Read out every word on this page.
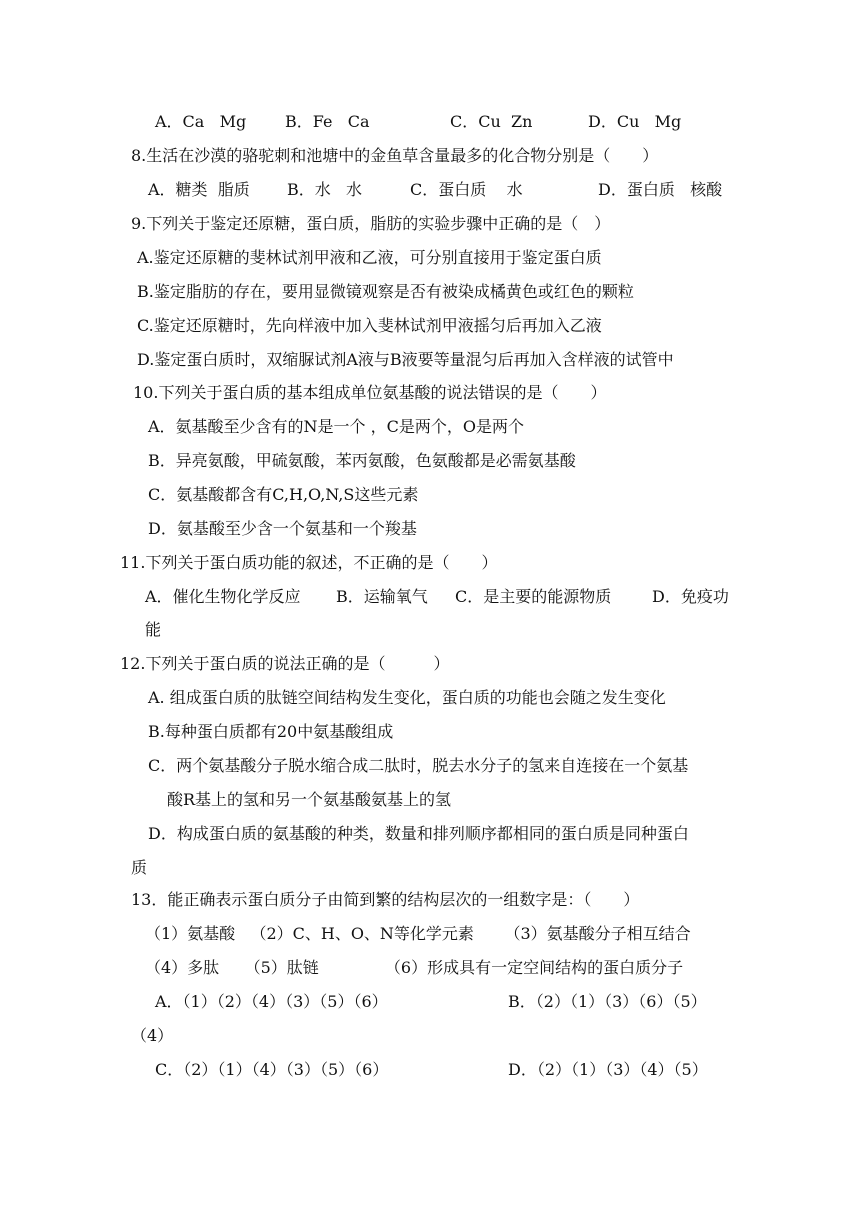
A．Ca   Mg B．Fe   Ca	C．Cu  Zn	D．Cu   Mg
8.生活在沙漠的骆驼刺和池塘中的金鱼草含量最多的化合物分别是（　　）
A．糖类  脂质 B．水   水	C．蛋白质    水	D．蛋白质   核酸
9.下列关于鉴定还原糖，蛋白质，脂肪的实验步骤中正确的是（　）
A.鉴定还原糖的斐林试剂甲液和乙液，可分别直接用于鉴定蛋白质
B.鉴定脂肪的存在，要用显微镜观察是否有被染成橘黄色或红色的颗粒
C.鉴定还原糖时，先向样液中加入斐林试剂甲液摇匀后再加入乙液
D.鉴定蛋白质时，双缩脲试剂A液与B液要等量混匀后再加入含样液的试管中
10.下列关于蛋白质的基本组成单位氨基酸的说法错误的是（　　）
A．氨基酸至少含有的N是一个 ，C是两个，O是两个
B．异亮氨酸，甲硫氨酸，苯丙氨酸，色氨酸都是必需氨基酸
C．氨基酸都含有C,H,O,N,S这些元素
D．氨基酸至少含一个氨基和一个羧基
11.下列关于蛋白质功能的叙述，不正确的是（　　）
A．催化生物化学反应 B．运输氧气 C．是主要的能源物质	D．免疫功
能
12.下列关于蛋白质的说法正确的是（　　　）
A. 组成蛋白质的肽链空间结构发生变化，蛋白质的功能也会随之发生变化
B.每种蛋白质都有20中氨基酸组成
C．两个氨基酸分子脱水缩合成二肽时，脱去水分子的氢来自连接在一个氨基
酸R基上的氢和另一个氨基酸氨基上的氢
D．构成蛋白质的氨基酸的种类，数量和排列顺序都相同的蛋白质是同种蛋白
质
13．能正确表示蛋白质分子由简到繁的结构层次的一组数字是：（　　）
（1）氨基酸   （2）C、H、O、N等化学元素      （3）氨基酸分子相互结合
（4）多肽     （5）肽链             （6）形成具有一定空间结构的蛋白质分子
A．（1）（2）（4）（3）（5）（6）	B．（2）（1）（3）（6）（5）
（4）
C．（2）（1）（4）（3）（5）（6）	D．（2）（1）（3）（4）（5）
